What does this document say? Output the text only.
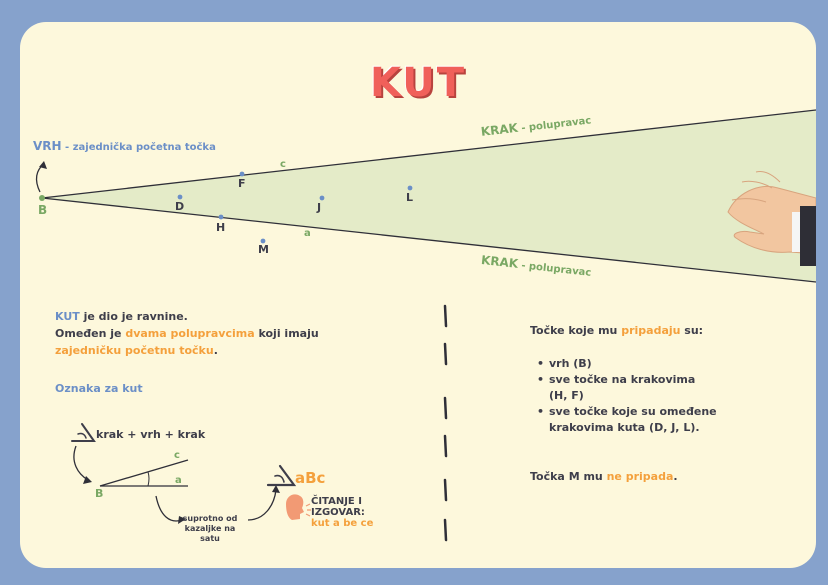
KUT
VRH - zajednička početna točka
B
KRAK - polupravac
KRAK - polupravac
c
F
D	J
L
H	a
M
KUT je dio je ravnine.
Omeđen je dvama polupravcima koji imaju
zajedničku početnu točku.
Oznaka za kut
krak + vrh + krak
B
c
a
suprotno od
kazaljke na
satu
aBc
ČITANJE I
IZGOVAR:
kut a be ce
Točke koje mu pripadaju su:
• vrh (B)
• sve točke na krakovima
(H, F)
• sve točke koje su omeđene
krakovima kuta (D, J, L).
Točka M mu ne pripada.
